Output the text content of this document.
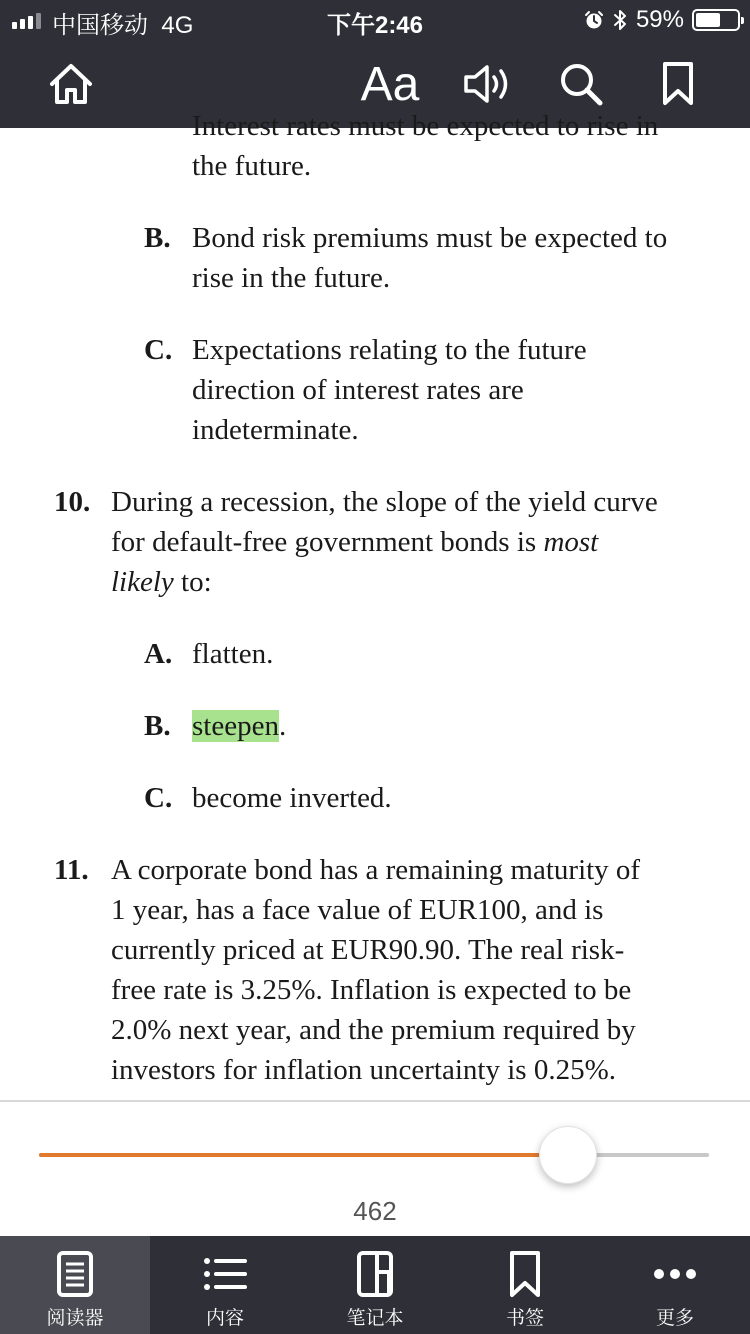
中国移动 4G	下午2:46	59%
Aa
Interest rates must be expected to rise in
the future.
B. Bond risk premiums must be expected to
rise in the future.
C. Expectations relating to the future
direction of interest rates are
indeterminate.
10. During a recession, the slope of the yield curve
for default-free government bonds is most
likely to:
A. flatten.
B. steepen.
C. become inverted.
11. A corporate bond has a remaining maturity of
1 year, has a face value of EUR100, and is
currently priced at EUR90.90. The real risk-
free rate is 3.25%. Inflation is expected to be
2.0% next year, and the premium required by
investors for inflation uncertainty is 0.25%.
462
阅读器	内容	笔记本	书签	更多
